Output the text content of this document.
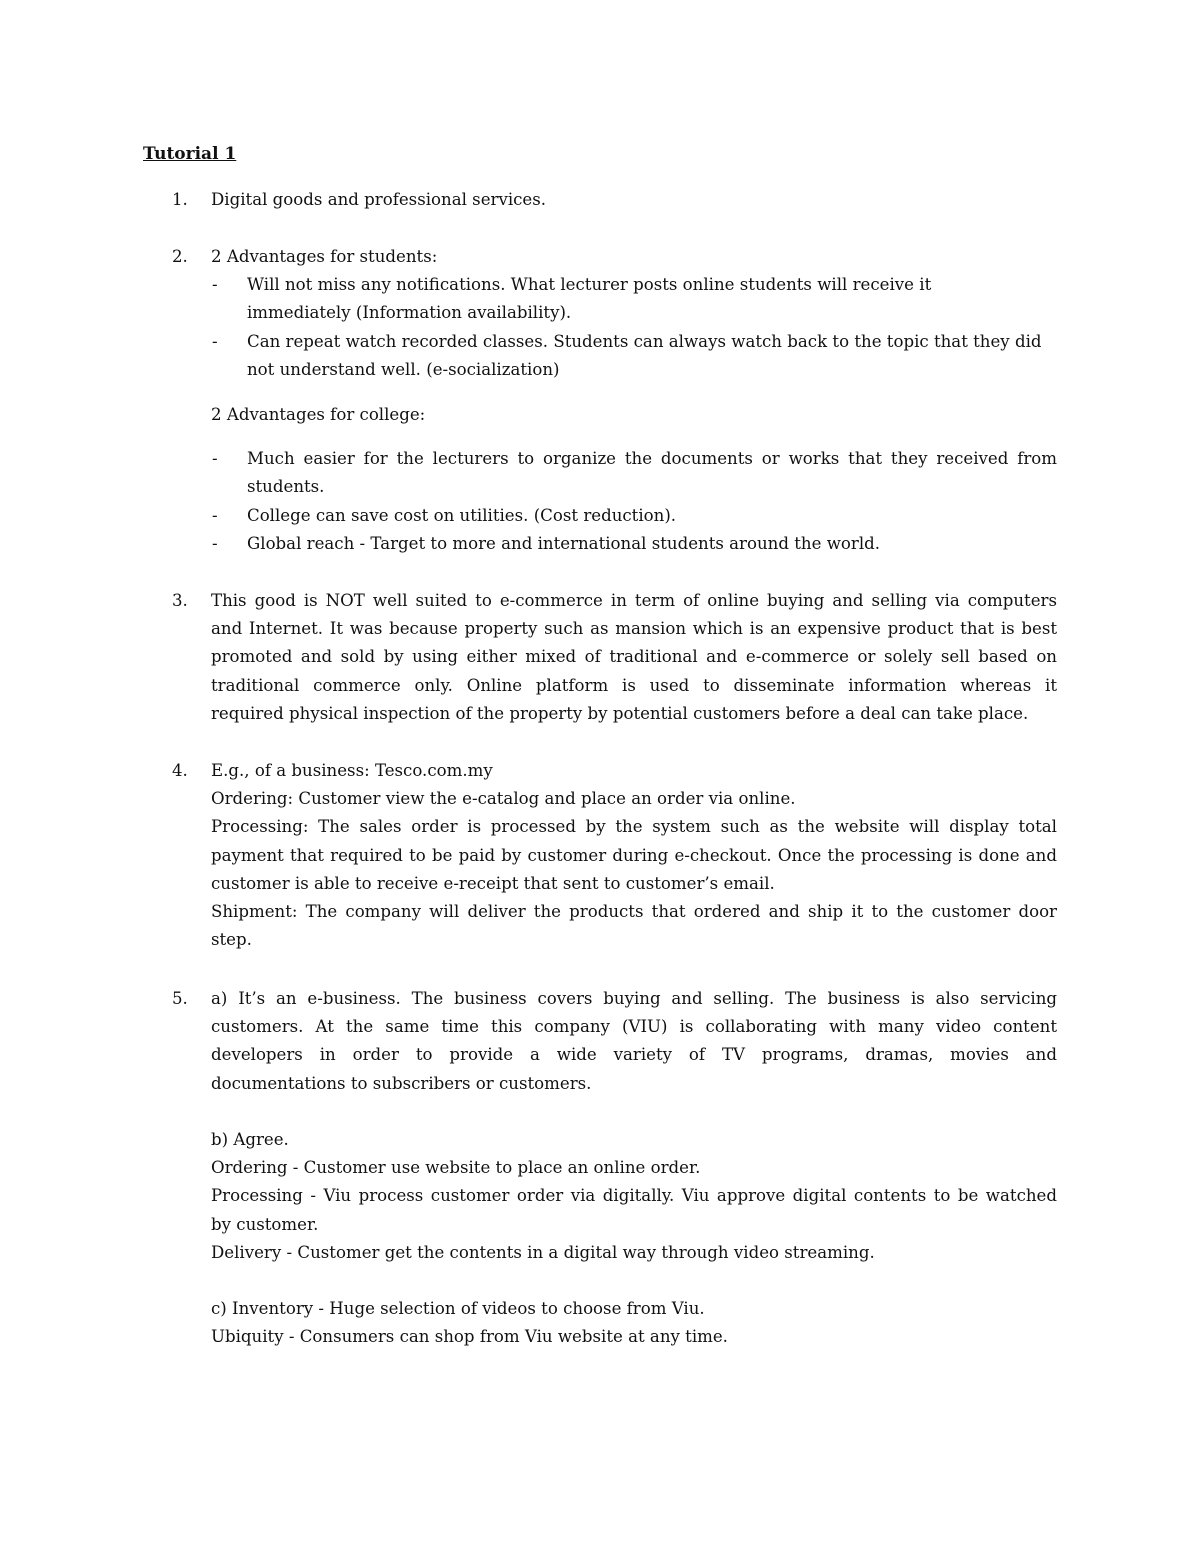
Tutorial 1
1. Digital goods and professional services.
2. 2 Advantages for students:
- Will not miss any notifications. What lecturer posts online students will receive it
immediately (Information availability).
- Can repeat watch recorded classes. Students can always watch back to the topic that they did
not understand well. (e-socialization)
2 Advantages for college:
- Much easier for the lecturers to organize the documents or works that they received from
students.
- College can save cost on utilities. (Cost reduction).
- Global reach - Target to more and international students around the world.
3. This good is NOT well suited to e-commerce in term of online buying and selling via computers
and Internet. It was because property such as mansion which is an expensive product that is best
promoted and sold by using either mixed of traditional and e-commerce or solely sell based on
traditional commerce only. Online platform is used to disseminate information whereas it
required physical inspection of the property by potential customers before a deal can take place.
4. E.g., of a business: Tesco.com.my
Ordering: Customer view the e-catalog and place an order via online.
Processing: The sales order is processed by the system such as the website will display total
payment that required to be paid by customer during e-checkout. Once the processing is done and
customer is able to receive e-receipt that sent to customer’s email.
Shipment: The company will deliver the products that ordered and ship it to the customer door
step.
5. a) It’s an e-business. The business covers buying and selling. The business is also servicing
customers. At the same time this company (VIU) is collaborating with many video content
developers in order to provide a wide variety of TV programs, dramas, movies and
documentations to subscribers or customers.
b) Agree.
Ordering - Customer use website to place an online order.
Processing - Viu process customer order via digitally. Viu approve digital contents to be watched
by customer.
Delivery - Customer get the contents in a digital way through video streaming.
c) Inventory - Huge selection of videos to choose from Viu.
Ubiquity - Consumers can shop from Viu website at any time.
